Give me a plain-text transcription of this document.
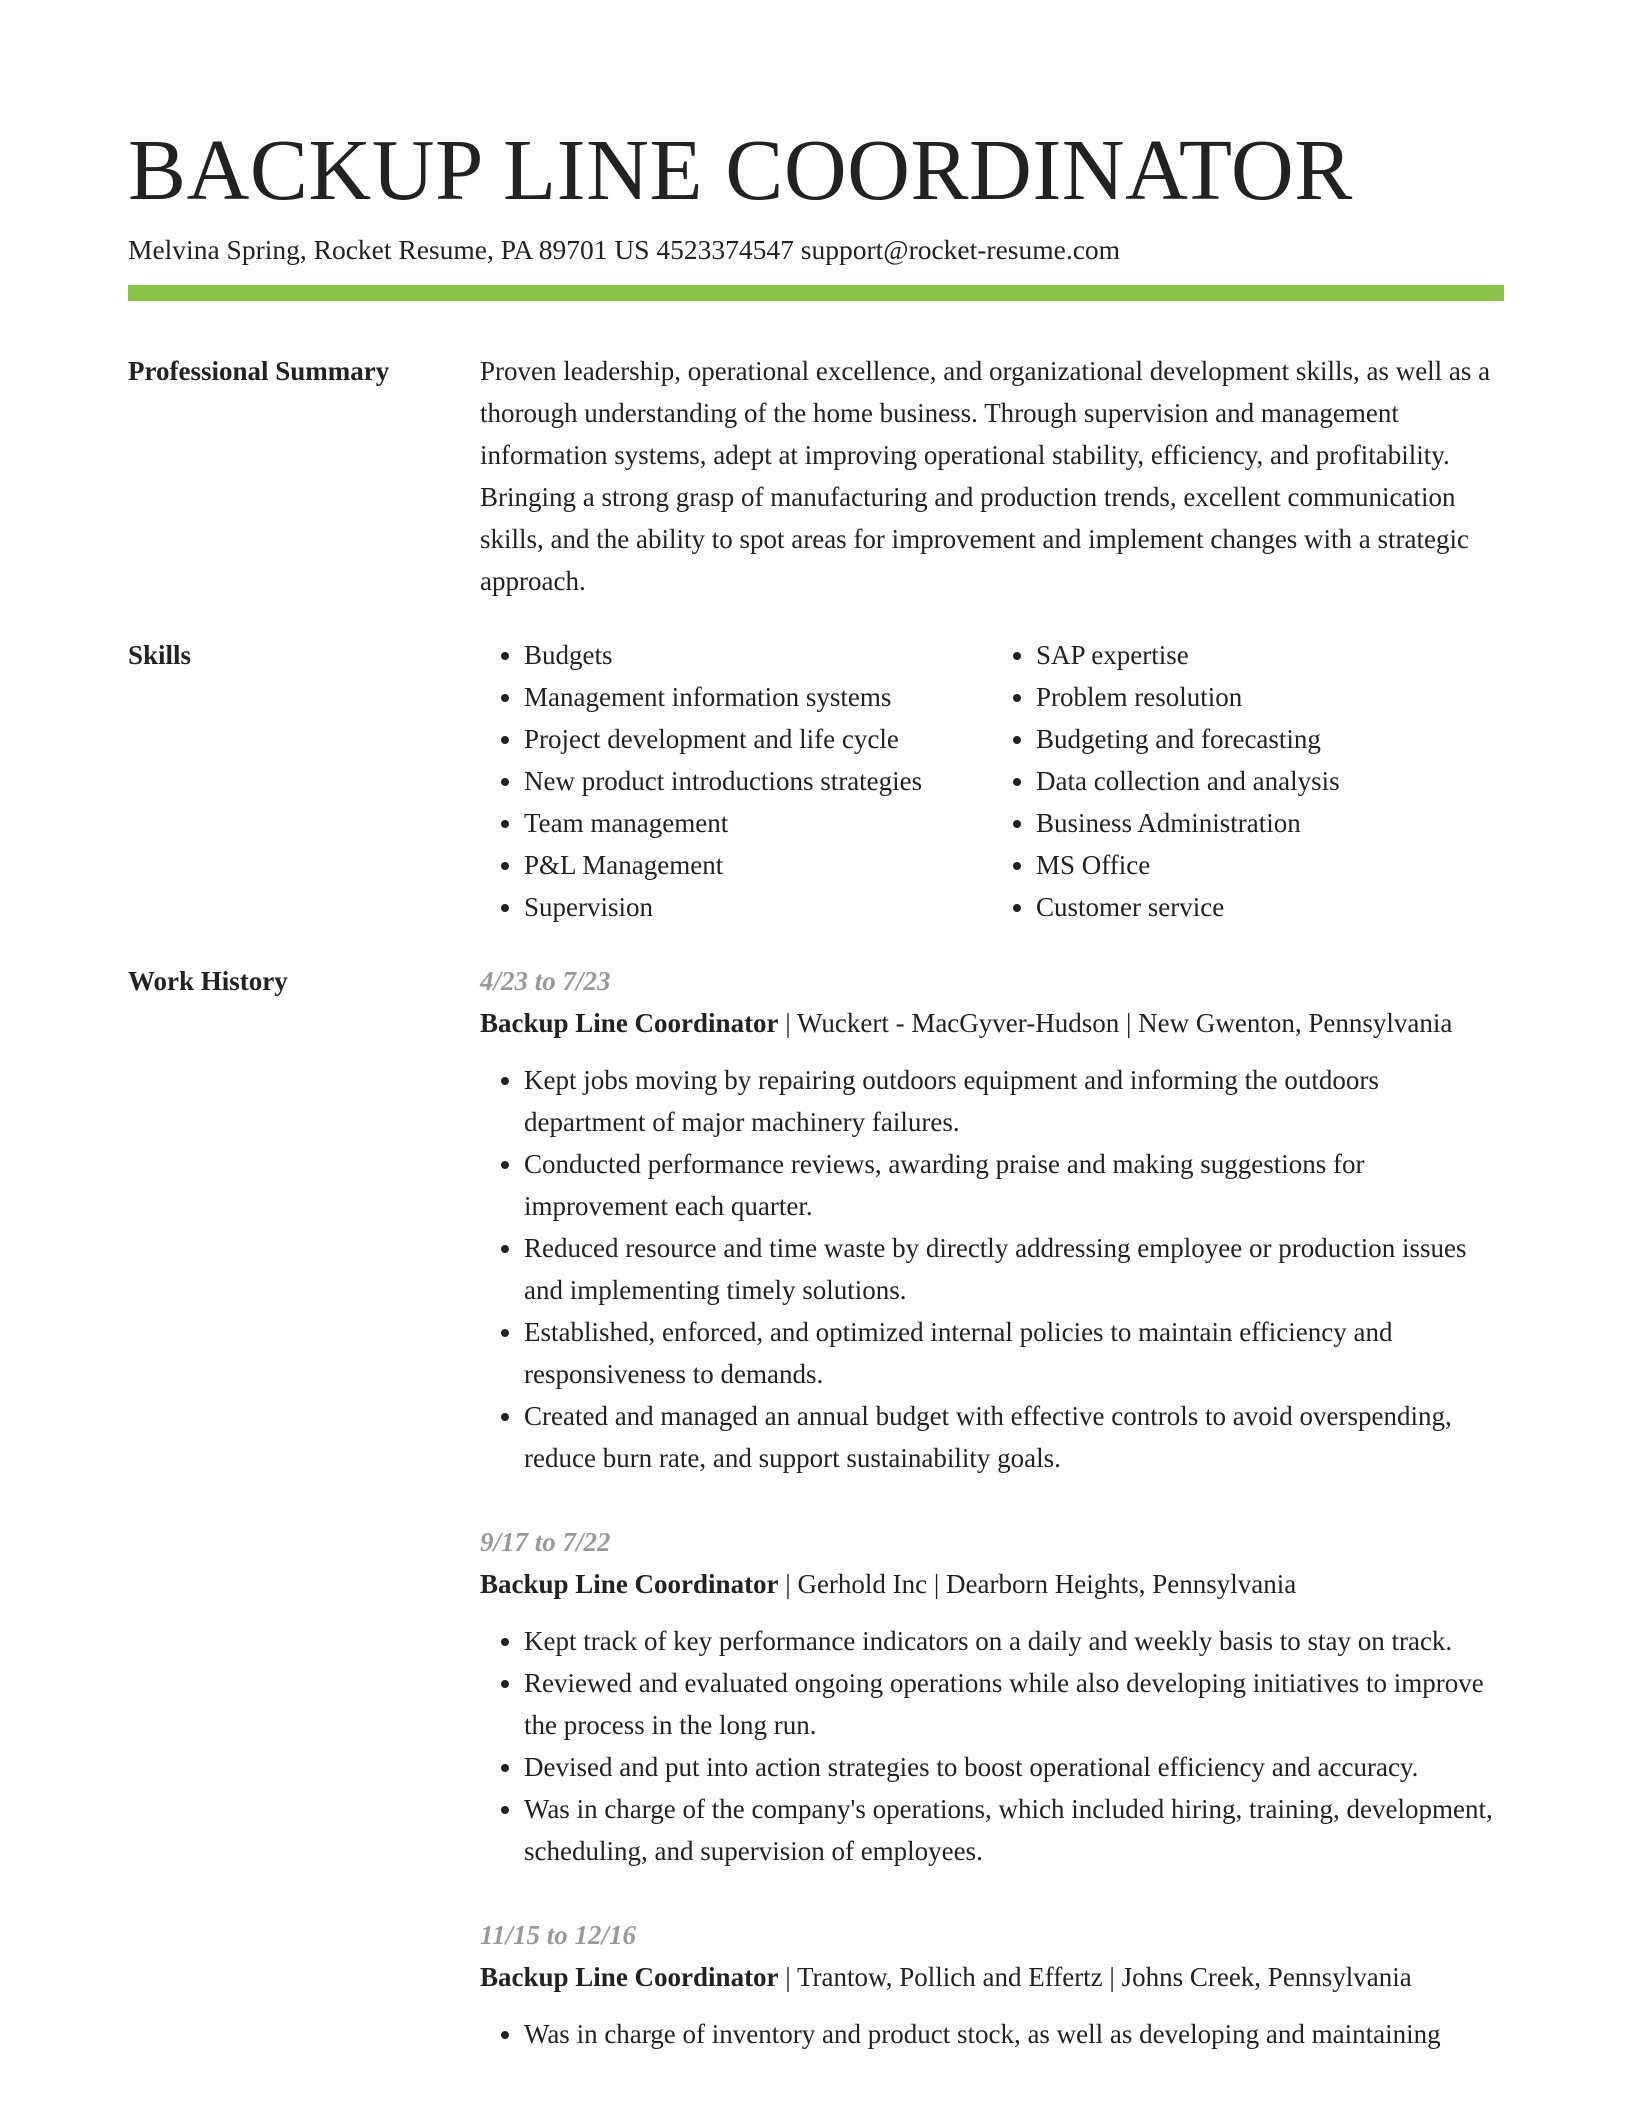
BACKUP LINE COORDINATOR
Melvina Spring, Rocket Resume, PA 89701 US 4523374547 support@rocket-resume.com
Professional Summary	Proven leadership, operational excellence, and organizational development skills, as well as a thorough understanding of the home business. Through supervision and management information systems, adept at improving operational stability, efficiency, and profitability. Bringing a strong grasp of manufacturing and production trends, excellent communication skills, and the ability to spot areas for improvement and implement changes with a strategic approach.

Skills
•	Budgets
• Management information systems
• Project development and life cycle
• New product introductions strategies
• Team management
• P&L Management
• Supervision
• SAP expertise
• Problem resolution
• Budgeting and forecasting
• Data collection and analysis
• Business Administration
• MS Office
• Customer service
Work History	4/23 to 7/23
Backup Line Coordinator | Wuckert - MacGyver-Hudson | New Gwenton, Pennsylvania
• Kept jobs moving by repairing outdoors equipment and informing the outdoors department of major machinery failures.
• Conducted performance reviews, awarding praise and making suggestions for improvement each quarter.
• Reduced resource and time waste by directly addressing employee or production issues and implementing timely solutions.
• Established, enforced, and optimized internal policies to maintain efficiency and responsiveness to demands.
• Created and managed an annual budget with effective controls to avoid overspending, reduce burn rate, and support sustainability goals.
9/17 to 7/22
Backup Line Coordinator | Gerhold Inc | Dearborn Heights, Pennsylvania
• Kept track of key performance indicators on a daily and weekly basis to stay on track.
• Reviewed and evaluated ongoing operations while also developing initiatives to improve the process in the long run.
• Devised and put into action strategies to boost operational efficiency and accuracy.
• Was in charge of the company's operations, which included hiring, training, development, scheduling, and supervision of employees.
11/15 to 12/16
Backup Line Coordinator | Trantow, Pollich and Effertz | Johns Creek, Pennsylvania
• Was in charge of inventory and product stock, as well as developing and maintaining
